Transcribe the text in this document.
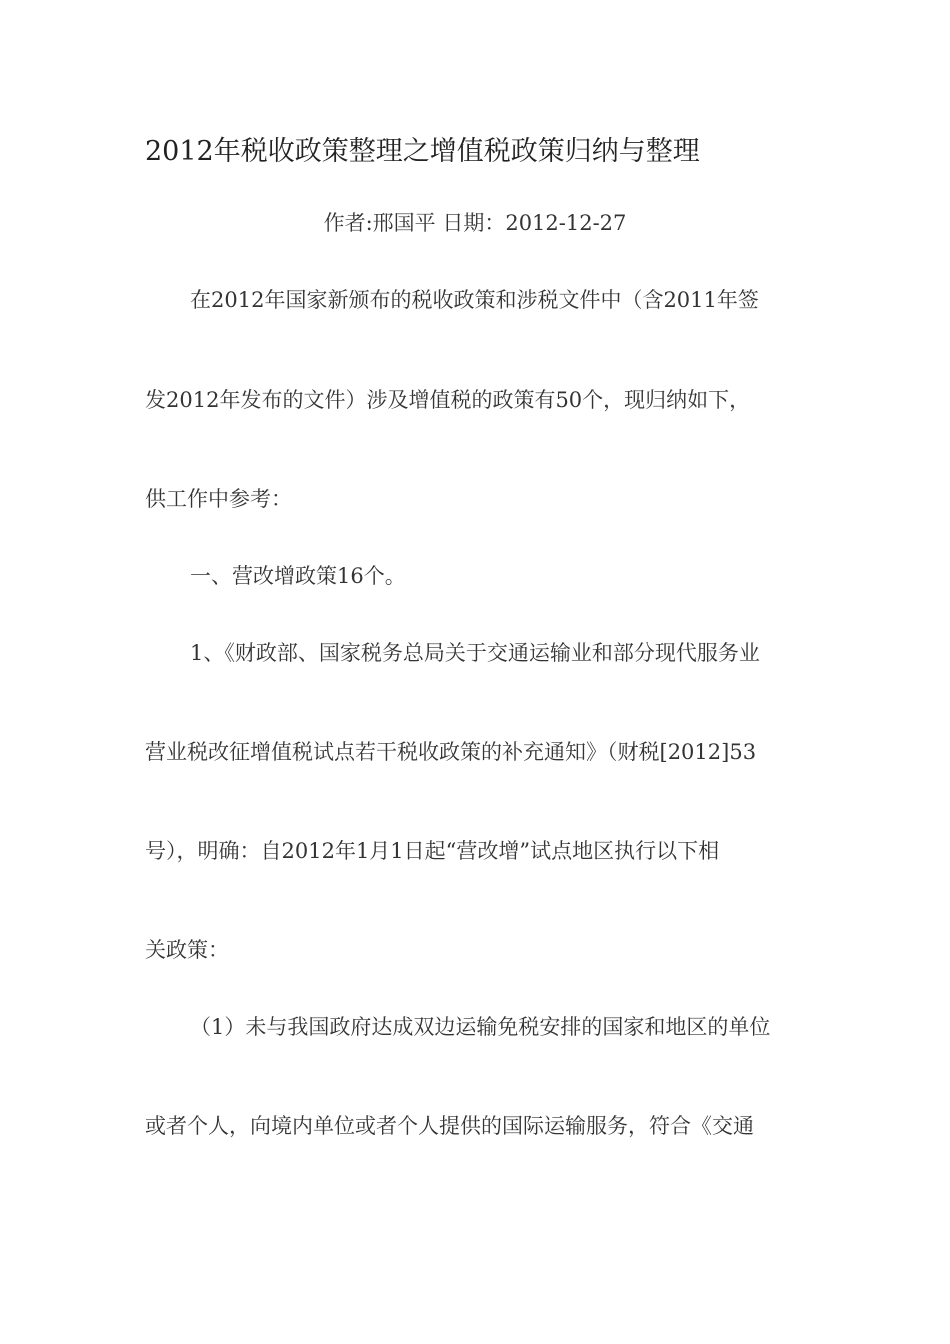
2012年税收政策整理之增值税政策归纳与整理
作者:邢国平 日期：2012-12-27
在2012年国家新颁布的税收政策和涉税文件中（含2011年签
发2012年发布的文件）涉及增值税的政策有50个，现归纳如下，
供工作中参考：
一、营改增政策16个。
1、《财政部、国家税务总局关于交通运输业和部分现代服务业
营业税改征增值税试点若干税收政策的补充通知》（财税[2012]53
号），明确：自2012年1月1日起“营改增”试点地区执行以下相
关政策：
（1）未与我国政府达成双边运输免税安排的国家和地区的单位
或者个人，向境内单位或者个人提供的国际运输服务，符合《交通
